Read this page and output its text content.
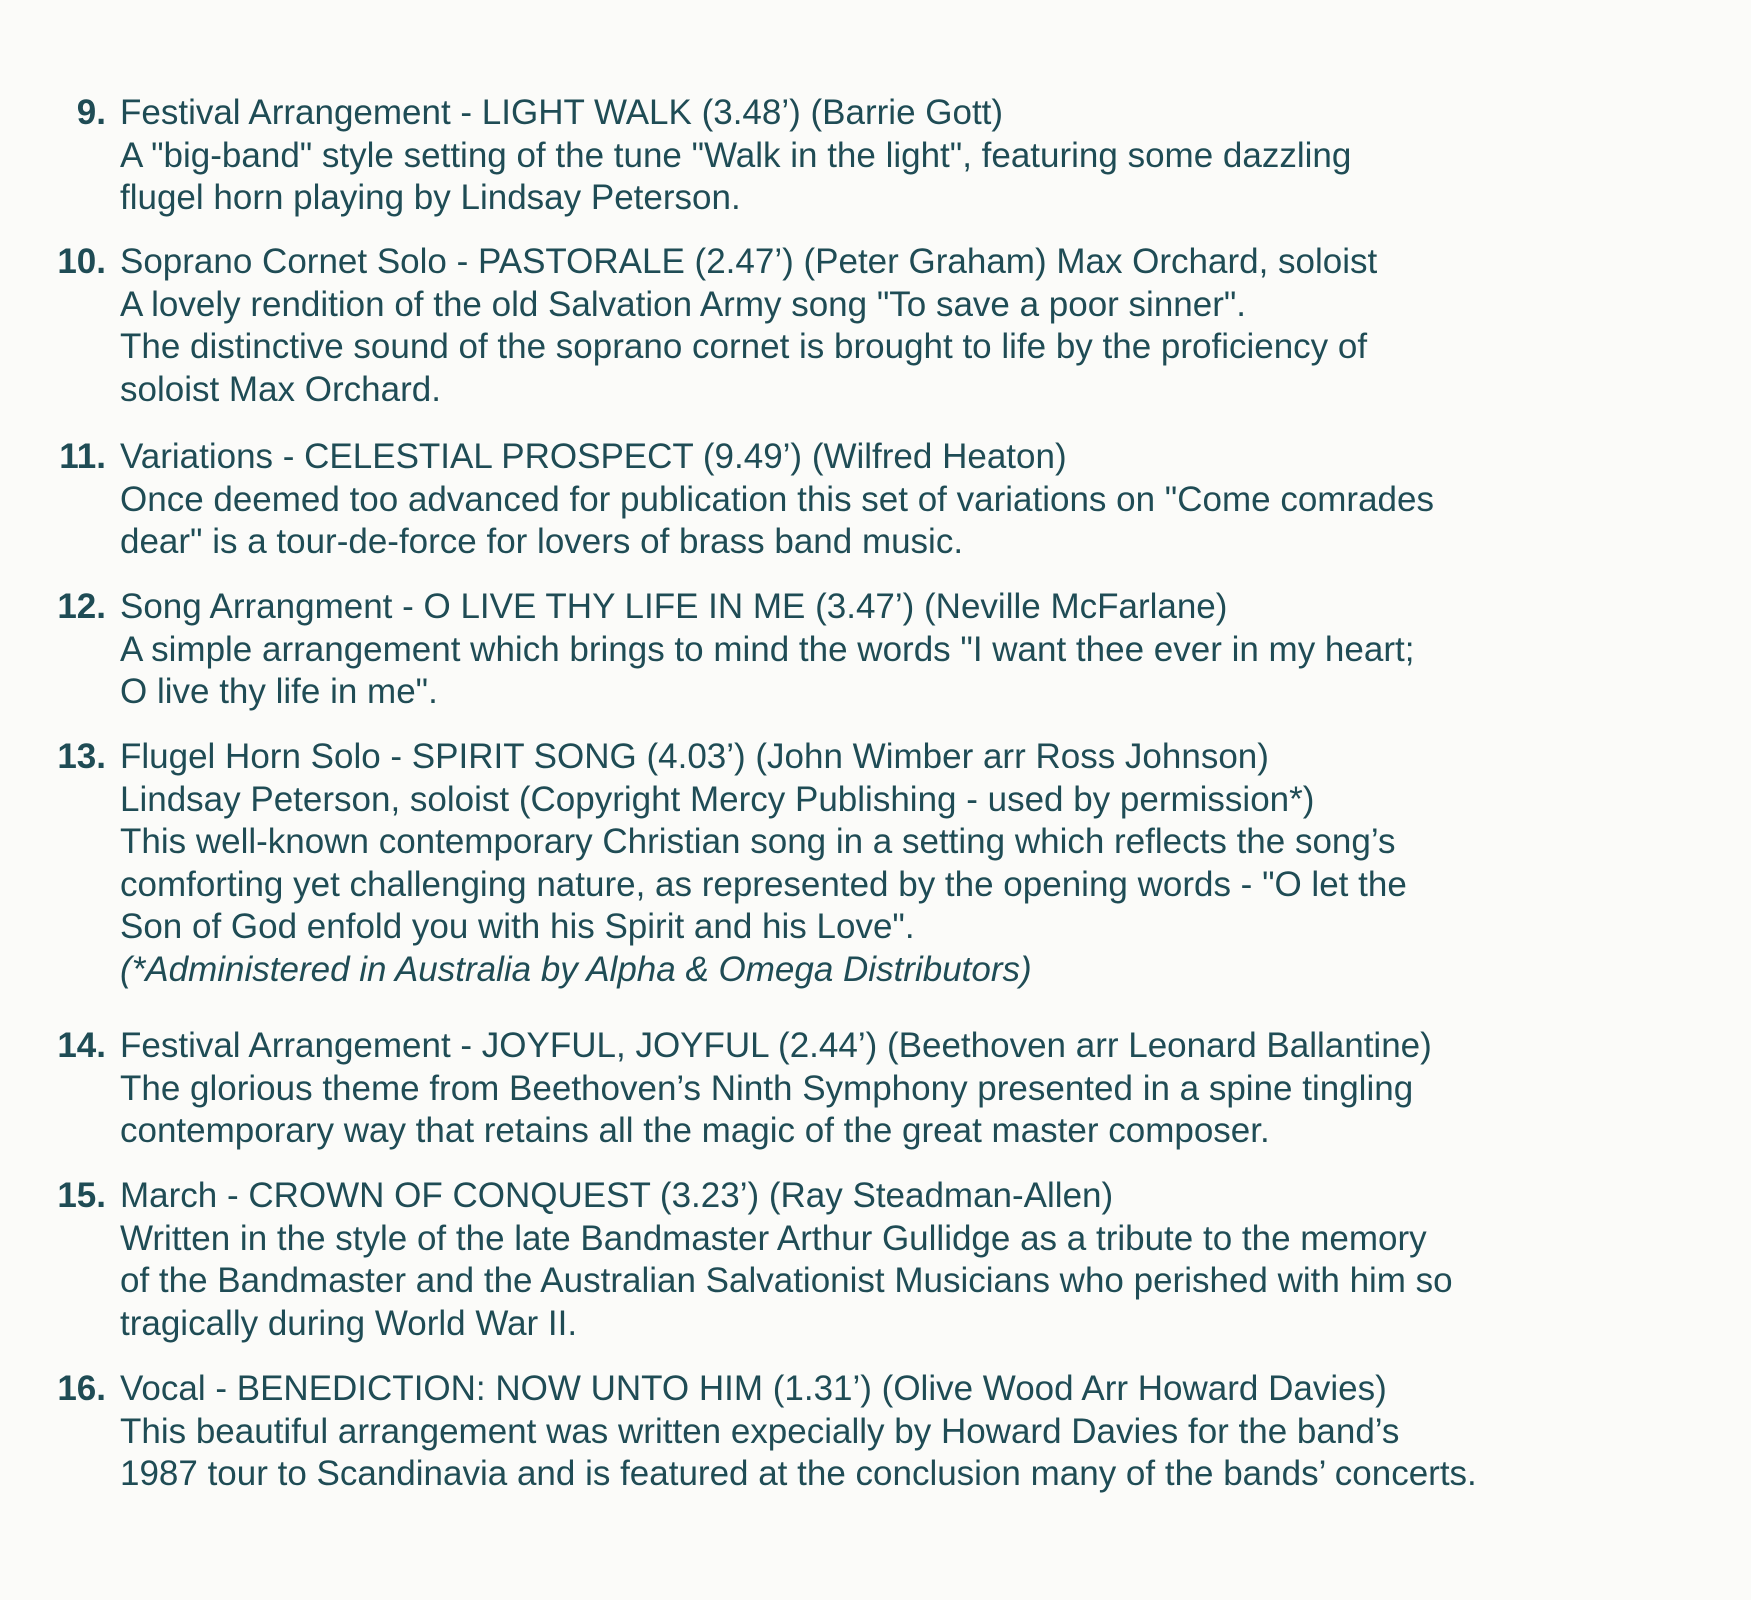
9. Festival Arrangement - LIGHT WALK (3.48’) (Barrie Gott)
A "big-band" style setting of the tune "Walk in the light", featuring some dazzling
flugel horn playing by Lindsay Peterson.
10. Soprano Cornet Solo - PASTORALE (2.47’) (Peter Graham) Max Orchard, soloist
A lovely rendition of the old Salvation Army song "To save a poor sinner".
The distinctive sound of the soprano cornet is brought to life by the proficiency of
soloist Max Orchard.
11. Variations - CELESTIAL PROSPECT (9.49’) (Wilfred Heaton)
Once deemed too advanced for publication this set of variations on "Come comrades
dear" is a tour-de-force for lovers of brass band music.
12. Song Arrangment - O LIVE THY LIFE IN ME (3.47’) (Neville McFarlane)
A simple arrangement which brings to mind the words "I want thee ever in my heart;
O live thy life in me".
13. Flugel Horn Solo - SPIRIT SONG (4.03’) (John Wimber arr Ross Johnson)
Lindsay Peterson, soloist (Copyright Mercy Publishing - used by permission*)
This well-known contemporary Christian song in a setting which reflects the song’s
comforting yet challenging nature, as represented by the opening words - "O let the
Son of God enfold you with his Spirit and his Love".
(*Administered in Australia by Alpha & Omega Distributors)
14. Festival Arrangement - JOYFUL, JOYFUL (2.44’) (Beethoven arr Leonard Ballantine)
The glorious theme from Beethoven’s Ninth Symphony presented in a spine tingling
contemporary way that retains all the magic of the great master composer.
15. March - CROWN OF CONQUEST (3.23’) (Ray Steadman-Allen)
Written in the style of the late Bandmaster Arthur Gullidge as a tribute to the memory
of the Bandmaster and the Australian Salvationist Musicians who perished with him so
tragically during World War II.
16. Vocal - BENEDICTION: NOW UNTO HIM (1.31’) (Olive Wood Arr Howard Davies)
This beautiful arrangement was written expecially by Howard Davies for the band’s
1987 tour to Scandinavia and is featured at the conclusion many of the bands’ concerts.
